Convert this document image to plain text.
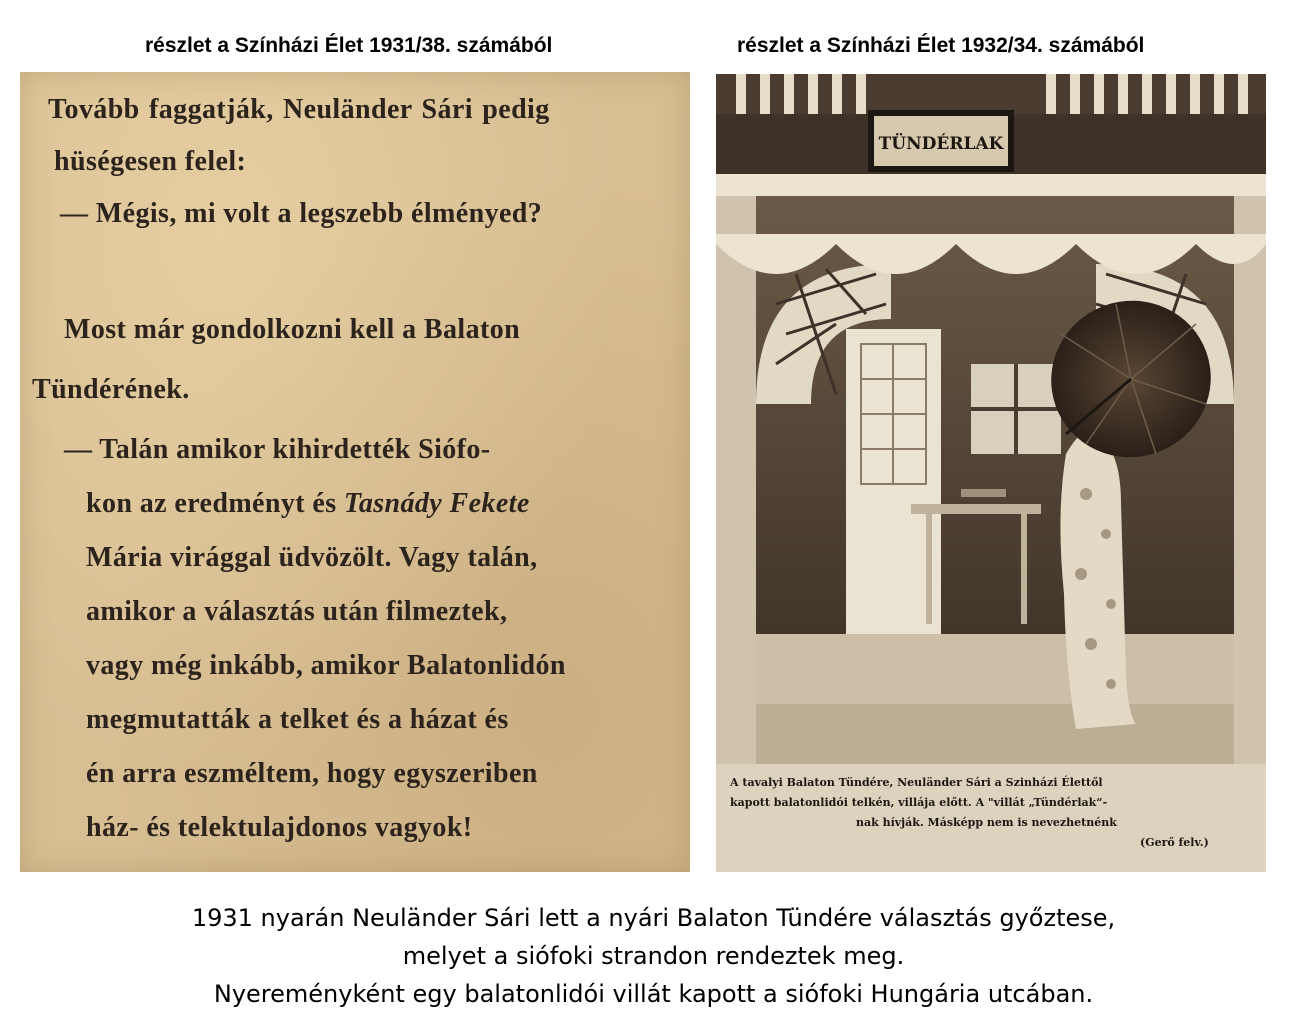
részlet a Színházi Élet 1931/38. számából	részlet a Színházi Élet 1932/34. számából
Tovább faggatják, Neuländer Sári pedig
hüségesen felel:
— Mégis, mi volt a legszebb élményed?
Most már gondolkozni kell a Balaton
Tündérének.
— Talán amikor kihirdették Siófo-
kon az eredményt és Tasnády Fekete
Mária virággal üdvözölt. Vagy talán,
amikor a választás után filmeztek,
vagy még inkább, amikor Balatonlidón
megmutatták a telket és a házat és
én arra eszméltem, hogy egyszeriben
ház- és telektulajdonos vagyok!
TÜNDÉRLAK
A tavalyi Balaton Tündére, Neuländer Sári a Szinházi Élettől
kapott balatonlidói telkén, villája előtt. A "villát „Tündérlak“-
nak hívják. Másképp nem is nevezhetnénk
(Gerő felv.)
1931 nyarán Neuländer Sári lett a nyári Balaton Tündére választás győztese,
melyet a siófoki strandon rendeztek meg.
Nyereményként egy balatonlidói villát kapott a siófoki Hungária utcában.
